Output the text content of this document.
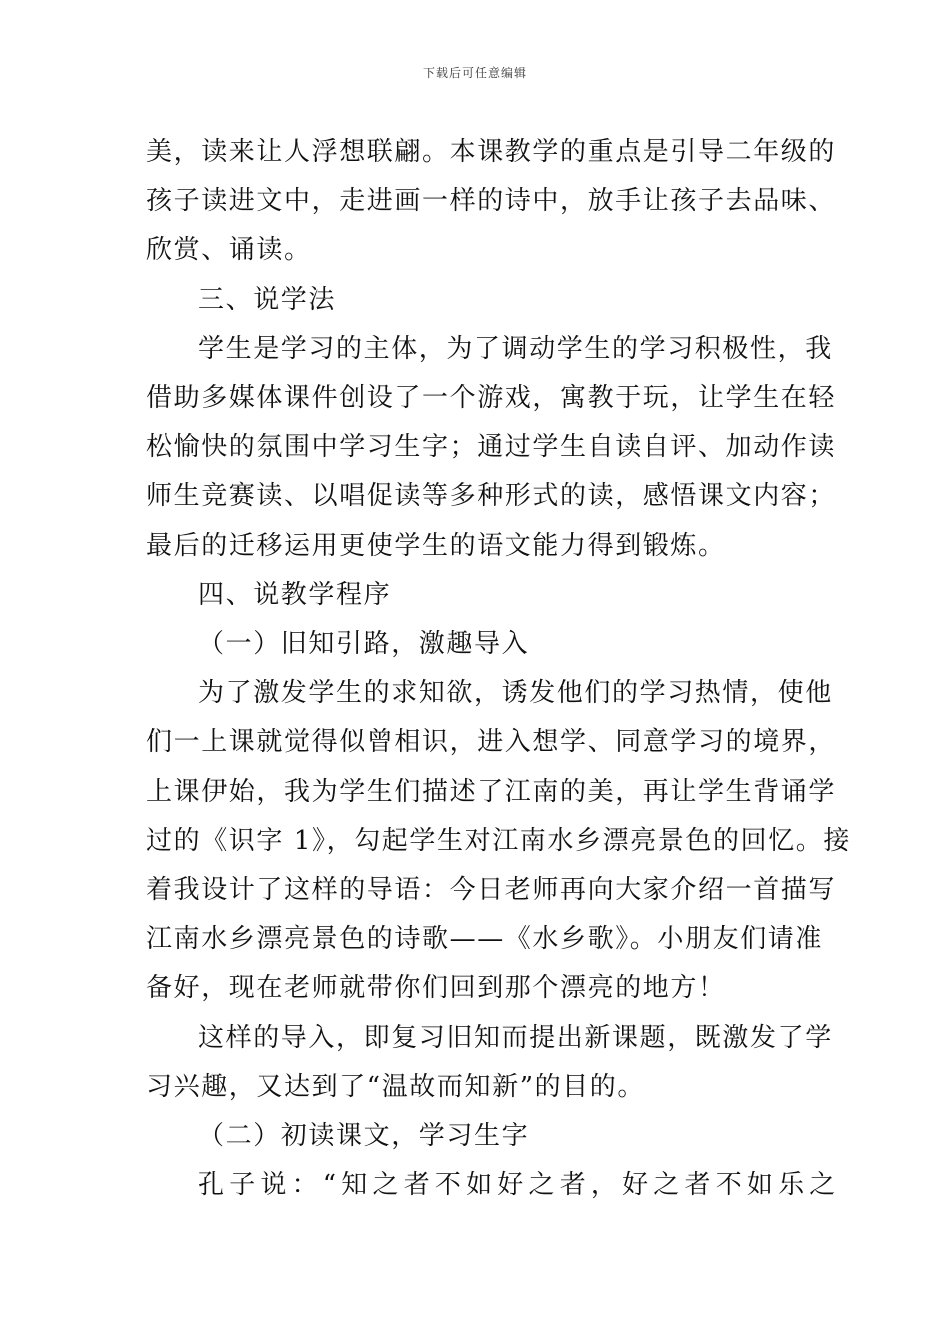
下载后可任意编辑

美，读来让人浮想联翩。本课教学的重点是引导二年级的

孩子读进文中，走进画一样的诗中，放手让孩子去品味、

欣赏、诵读。

三、说学法

学生是学习的主体，为了调动学生的学习积极性，我

借助多媒体课件创设了一个游戏，寓教于玩，让学生在轻

松愉快的氛围中学习生字；通过学生自读自评、加动作读

师生竞赛读、以唱促读等多种形式的读，感悟课文内容；

最后的迁移运用更使学生的语文能力得到锻炼。

四、说教学程序

（一）旧知引路，激趣导入

为了激发学生的求知欲，诱发他们的学习热情，使他

们一上课就觉得似曾相识，进入想学、同意学习的境界，

上课伊始，我为学生们描述了江南的美，再让学生背诵学

过的《识字 1》，勾起学生对江南水乡漂亮景色的回忆。接

着我设计了这样的导语：今日老师再向大家介绍一首描写

江南水乡漂亮景色的诗歌——《水乡歌》。小朋友们请准

备好，现在老师就带你们回到那个漂亮的地方！

这样的导入，即复习旧知而提出新课题，既激发了学

习兴趣，又达到了“温故而知新”的目的。

（二）初读课文，学习生字

孔子说：“知之者不如好之者，好之者不如乐之
